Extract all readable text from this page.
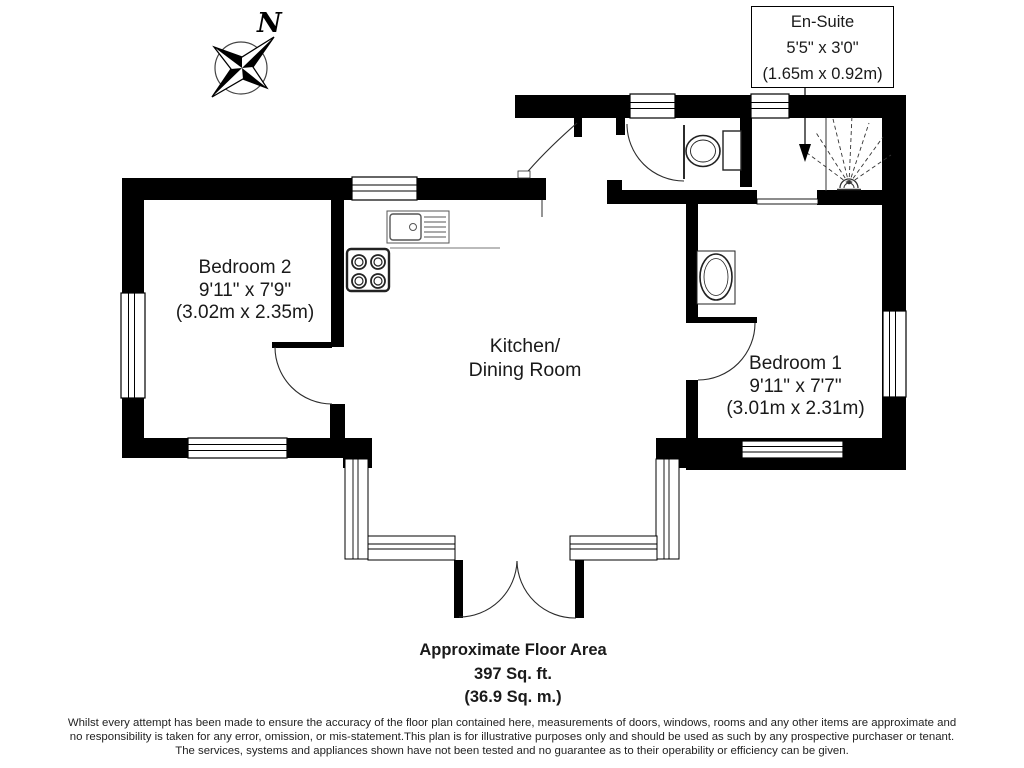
N	En-Suite
5'5" x 3'0"
(1.65m x 0.92m)
Bedroom 2
9'11" x 7'9"
(3.02m x 2.35m)
Kitchen/
Dining Room	Bedroom 1
9'11" x 7'7"
(3.01m x 2.31m)
Approximate Floor Area
397 Sq. ft.
(36.9 Sq. m.)
Whilst every attempt has been made to ensure the accuracy of the floor plan contained here, measurements of doors, windows, rooms and any other items are approximate and
no responsibility is taken for any error, omission, or mis-statement.This plan is for illustrative purposes only and should be used as such by any prospective purchaser or tenant.
The services, systems and appliances shown have not been tested and no guarantee as to their operability or efficiency can be given.
